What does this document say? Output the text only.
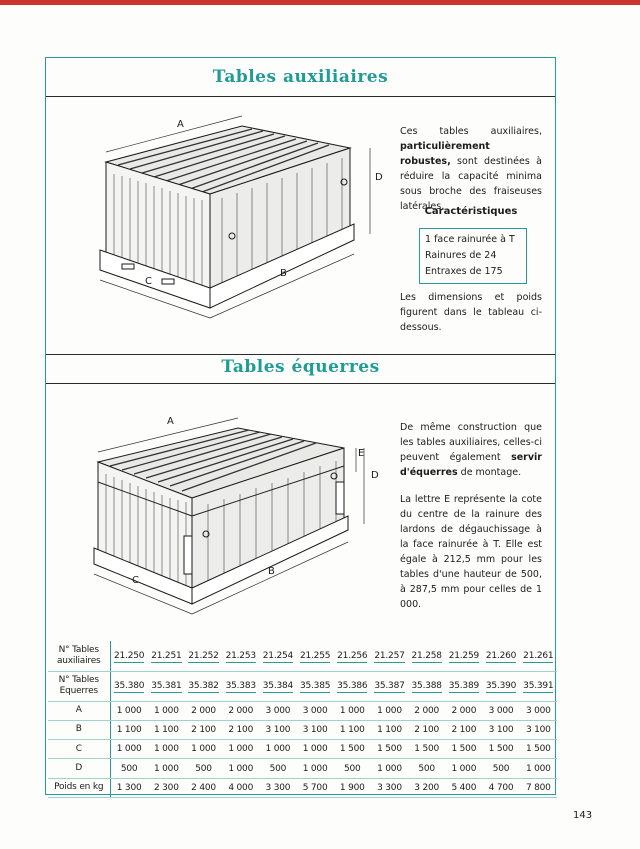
Tables auxiliaires
Tables équerres
A
B
C
D
Ces tables auxiliaires, particulièrement robustes, sont destinées à réduire la capacité minima sous broche des fraiseuses latérales.
Caractéristiques
1 face rainurée à T
Rainures de 24
Entraxes de 175
Les dimensions et poids figurent dans le tableau ci-dessous.
A
B
C
D
E
De même construction que les tables auxiliaires, celles-ci peuvent également servir d'équerres de montage.
La lettre E représente la cote du centre de la rainure des lardons de dégauchissage à la face rainurée à T. Elle est égale à 212,5 mm pour les tables d'une hauteur de 500, à 287,5 mm pour celles de 1 000.
N° Tables
auxiliaires	21.250	21.251	21.252	21.253	21.254	21.255	21.256	21.257	21.258	21.259	21.260	21.261

N° Tables
Equerres	35.380	35.381	35.382	35.383	35.384	35.385	35.386	35.387	35.388	35.389	35.390	35.391

A	1 000	1 000	2 000	2 000	3 000	3 000	1 000	1 000	2 000	2 000	3 000	3 000

B	1 100	1 100	2 100	2 100	3 100	3 100	1 100	1 100	2 100	2 100	3 100	3 100

C	1 000	1 000	1 000	1 000	1 000	1 000	1 500	1 500	1 500	1 500	1 500	1 500

D	500	1 000	500	1 000	500	1 000	500	1 000	500	1 000	500	1 000

Poids en kg	1 300	2 300	2 400	4 000	3 300	5 700	1 900	3 300	3 200	5 400	4 700	7 800
143
